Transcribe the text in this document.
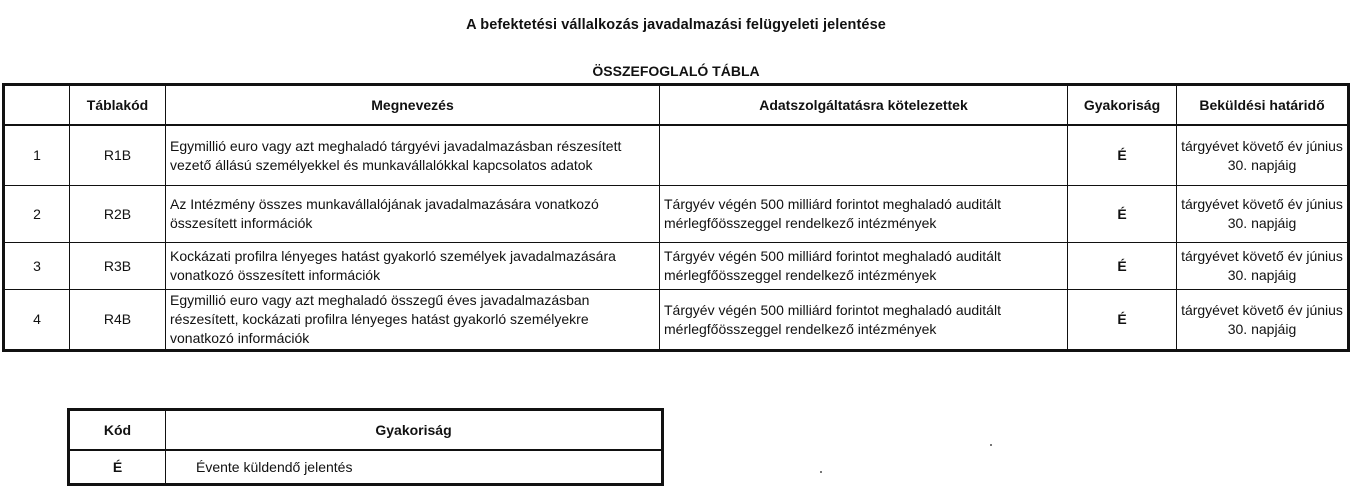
A befektetési vállalkozás javadalmazási felügyeleti jelentése
ÖSSZEFOGLALÓ TÁBLA
	Táblakód	Megnevezés	Adatszolgáltatásra kötelezettek	Gyakoriság	Beküldési határidő
1	R1B	Egymillió euro vagy azt meghaladó tárgyévi javadalmazásban részesített vezető állású személyekkel és munkavállalókkal kapcsolatos adatok		É	tárgyévet követő év június 30. napjáig
2	R2B	Az Intézmény összes munkavállalójának javadalmazására vonatkozó összesített információk	Tárgyév végén 500 milliárd forintot meghaladó auditált mérlegfőösszeggel rendelkező intézmények	É	tárgyévet követő év június 30. napjáig
3	R3B	Kockázati profilra lényeges hatást gyakorló személyek javadalmazására vonatkozó összesített információk	Tárgyév végén 500 milliárd forintot meghaladó auditált mérlegfőösszeggel rendelkező intézmények	É	tárgyévet követő év június 30. napjáig
4	R4B	Egymillió euro vagy azt meghaladó összegű éves javadalmazásban részesített, kockázati profilra lényeges hatást gyakorló személyekre vonatkozó információk	Tárgyév végén 500 milliárd forintot meghaladó auditált mérlegfőösszeggel rendelkező intézmények	É	tárgyévet követő év június 30. napjáig
Kód	Gyakoriság
É	Évente küldendő jelentés
